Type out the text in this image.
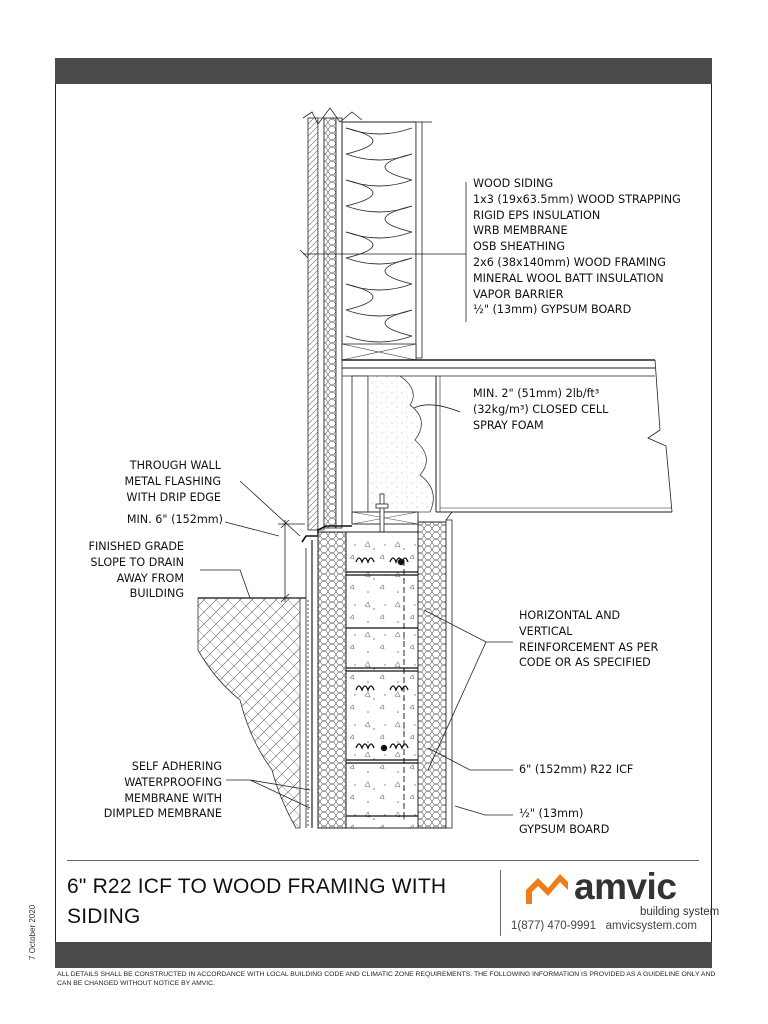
WOOD SIDING
1x3 (19x63.5mm) WOOD STRAPPING
RIGID EPS INSULATION
WRB MEMBRANE
OSB SHEATHING
2x6 (38x140mm) WOOD FRAMING
MINERAL WOOL BATT INSULATION
VAPOR BARRIER
½" (13mm) GYPSUM BOARD
MIN. 2" (51mm) 2lb/ft³
(32kg/m³) CLOSED CELL
SPRAY FOAM
THROUGH WALL
METAL FLASHING
WITH DRIP EDGE
MIN. 6" (152mm)
FINISHED GRADE
SLOPE TO DRAIN
AWAY FROM
BUILDING
HORIZONTAL AND
VERTICAL
REINFORCEMENT AS PER
CODE OR AS SPECIFIED
SELF ADHERING
WATERPROOFING
MEMBRANE WITH
DIMPLED MEMBRANE
6" (152mm) R22 ICF
½" (13mm)
GYPSUM BOARD
6" R22 ICF TO WOOD FRAMING WITH
SIDING
amvic
building system
1(877) 470-9991 amvicsystem.com
7 October 2020
ALL DETAILS SHALL BE CONSTRUCTED IN ACCORDANCE WITH LOCAL BUILDING CODE AND CLIMATIC ZONE REQUIREMENTS. THE FOLLOWING INFORMATION IS PROVIDED AS A GUIDELINE ONLY AND CAN BE CHANGED WITHOUT NOTICE BY AMVIC.
